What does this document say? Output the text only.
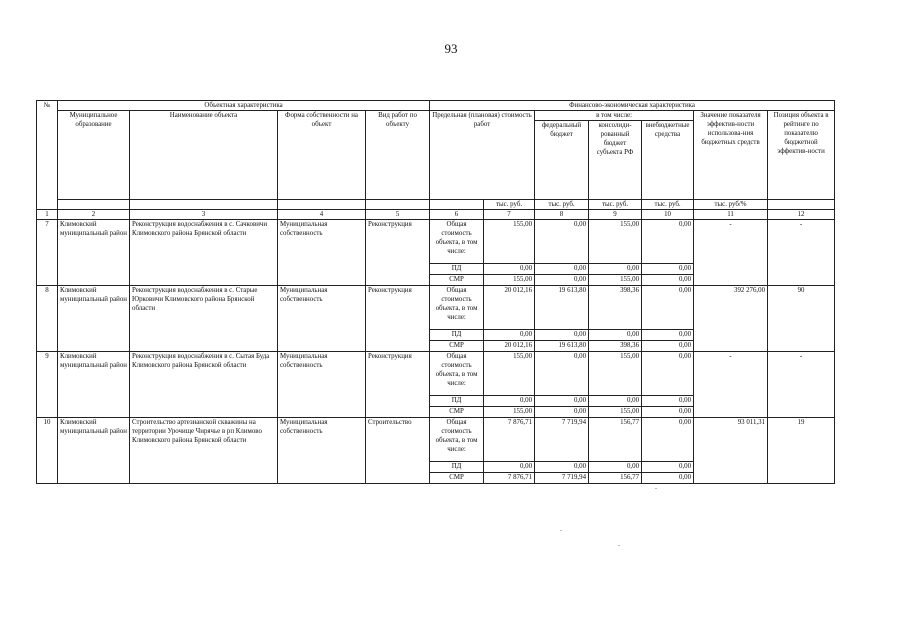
93
№	Объектная характеристика				Финансово-экономическая характеристика						
	Муниципальное образование	Наименование объекта	Форма собственности на объект	Вид работ по объекту	Предельная (плановая) стоимость работ		в том числе:			Значение показателя эффектив-ности использова-ния бюджетных средств	Позиция объекта в рейтинге по показателю бюджетной эффектив-ности
							федеральный бюджет	консолиди-рованный бюджет субъекта РФ	внебюджетные средства		
						тыс. руб.	тыс. руб.	тыс. руб.	тыс. руб.	тыс. руб/%	
1	2	3	4	5	6	7	8	9	10	11	12
7	Климовский муниципальный район	Реконструкция водоснабжения в с. Сачковичи Климовского района Брянской области	Муниципальная собственность	Реконструкция	Общая стоимость объекта, в том числе:	155,00	0,00	155,00	0,00	-	-
					ПД	0,00	0,00	0,00	0,00		
					СМР	155,00	0,00	155,00	0,00		
8	Климовский муниципальный район	Реконструкция водоснабжения в с. Старые Юрковичи Климовского района Брянской области	Муниципальная собственность	Реконструкция	Общая стоимость объекта, в том числе:	20 012,16	19 613,80	398,36	0,00	392 276,00	90
					ПД	0,00	0,00	0,00	0,00		
					СМР	20 012,16	19 613,80	398,36	0,00		
9	Климовский муниципальный район	Реконструкция водоснабжения в с. Сытая Буда Климовского района Брянской области	Муниципальная собственность	Реконструкция	Общая стоимость объекта, в том числе:	155,00	0,00	155,00	0,00	-	-
					ПД	0,00	0,00	0,00	0,00		
					СМР	155,00	0,00	155,00	0,00		
10	Климовский муниципальный район	Строительство артезианской скважины на территории Урочище Чирячье в рп Климово Климовского района Брянской области	Муниципальная собственность	Строительство	Общая стоимость объекта, в том числе:	7 876,71	7 719,94	156,77	0,00	93 011,31	19
					ПД	0,00	0,00	0,00	0,00		
					СМР	7 876,71	7 719,94	156,77	0,00		
